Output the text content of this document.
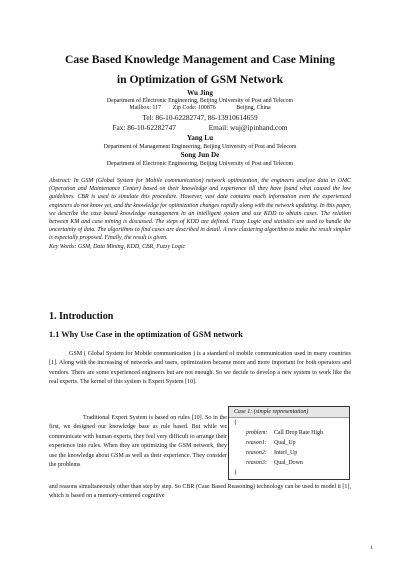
Case Based Knowledge Management and Case Mining
in Optimization of GSM Network
Wu Jing
Department of Electronic Engineering, Beijing University of Post and Telecom
Mailbox: 117        Zip Code: 100876              Beijing, China
Tel: 86-10-62282747, 86-13910614659
Fax: 86-10-62282747                  Email: wuj@ipinhand.com
Yang Lu
Department of Management Engineering, Beijing University of Post and Telecom
Song Jun De
Department of Electronic Engineering, Beijing University of Post and Telecom

Abstract: In GSM (Global System for Mobile communication) network optimization, the engineers analyze data in OMC (Operation and Maintenance Center) based on their knowledge and experience till they have found what caused the low guidelines. CBR is used to simulate this procedure. However, vast data contains much information even the experienced engineers do not know yet, and the knowledge for optimization changes rapidly along with the network updating. In this paper, we describe the case based knowledge management in an intelligent system and use KDD to obtain cases. The relation between KM and case mining is discussed. The steps of KDD are defined. Fuzzy Logic and statistics are used to handle the uncertainty of data. The algorithms to find cases are described in detail. A new clustering algorithm to make the result simpler is especially proposed. Finally, the result is given.

Key Words: GSM, Data Mining, KDD, CBR, Fuzzy Logic

1. Introduction
1.1 Why Use Case in the optimization of GSM network

GSM ( Global System for Mobile communication ) is a standard of mobile communication used in many countries [1]. Along with the increasing of networks and users, optimization became more and more important for both operators and vendors. There are some experienced engineers but are not enough. So we decide to develop a new system to work like the real experts. The kernel of this system is Expert System [10].

Traditional Expert System is based on rules [10]. So in the first, we designed our knowledge base as rule based. But while we communicate with human experts, they feel very difficult to arrange their experience into rules. When they are optimizing the GSM network, they use the knowledge about GSM as well as their experience. They consider the problems

Case 1: (simple representation)
{
problem: Call Drop Rate High
reason1: Qual_Up
reason2: Interf_Up
reason3: Qual_Down
}

and reasons simultaneously other than step by step. So CBR (Case Based Reasoning) technology can be used to model it [1], which is based on a memory-centered cognitive

1
